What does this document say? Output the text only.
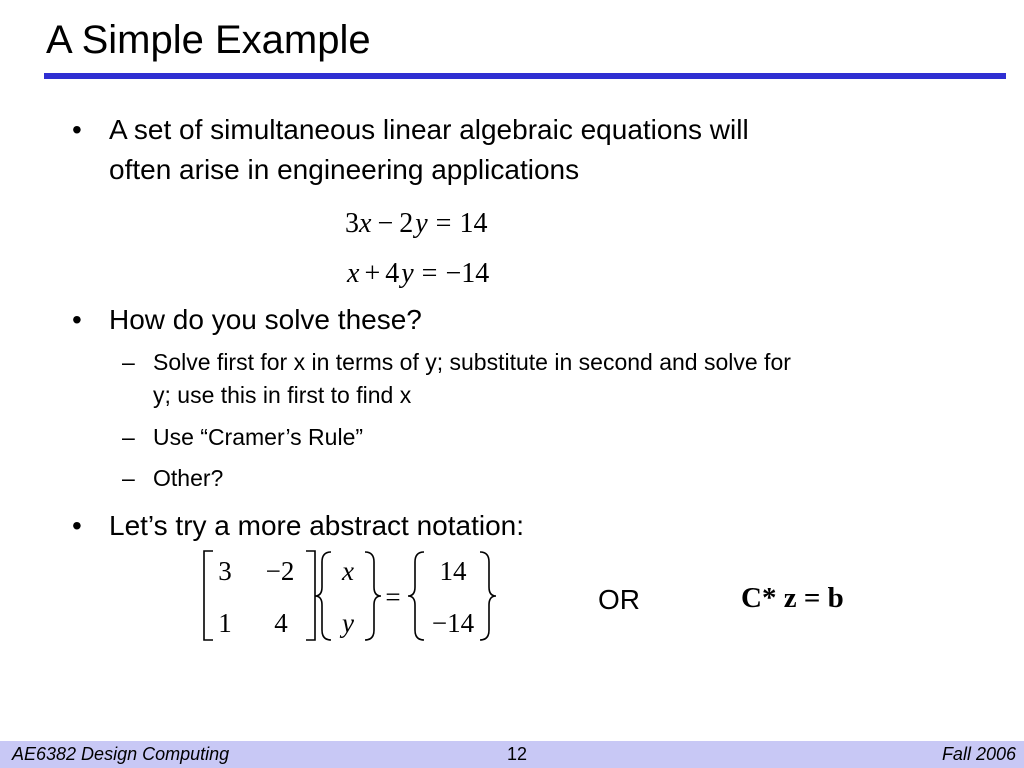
A Simple Example
• A set of simultaneous linear algebraic equations will
often arise in engineering applications
3x − 2y = 14
x + 4y = −14
• How do you solve these?
– Solve first for x in terms of y; substitute in second and solve for
y; use this in first to find x
– Use “Cramer’s Rule”
– Other?
• Let’s try a more abstract notation:
3 −2
1	4
x
y
=
14
−14
OR	C* z = b
AE6382 Design Computing	12	Fall 2006
